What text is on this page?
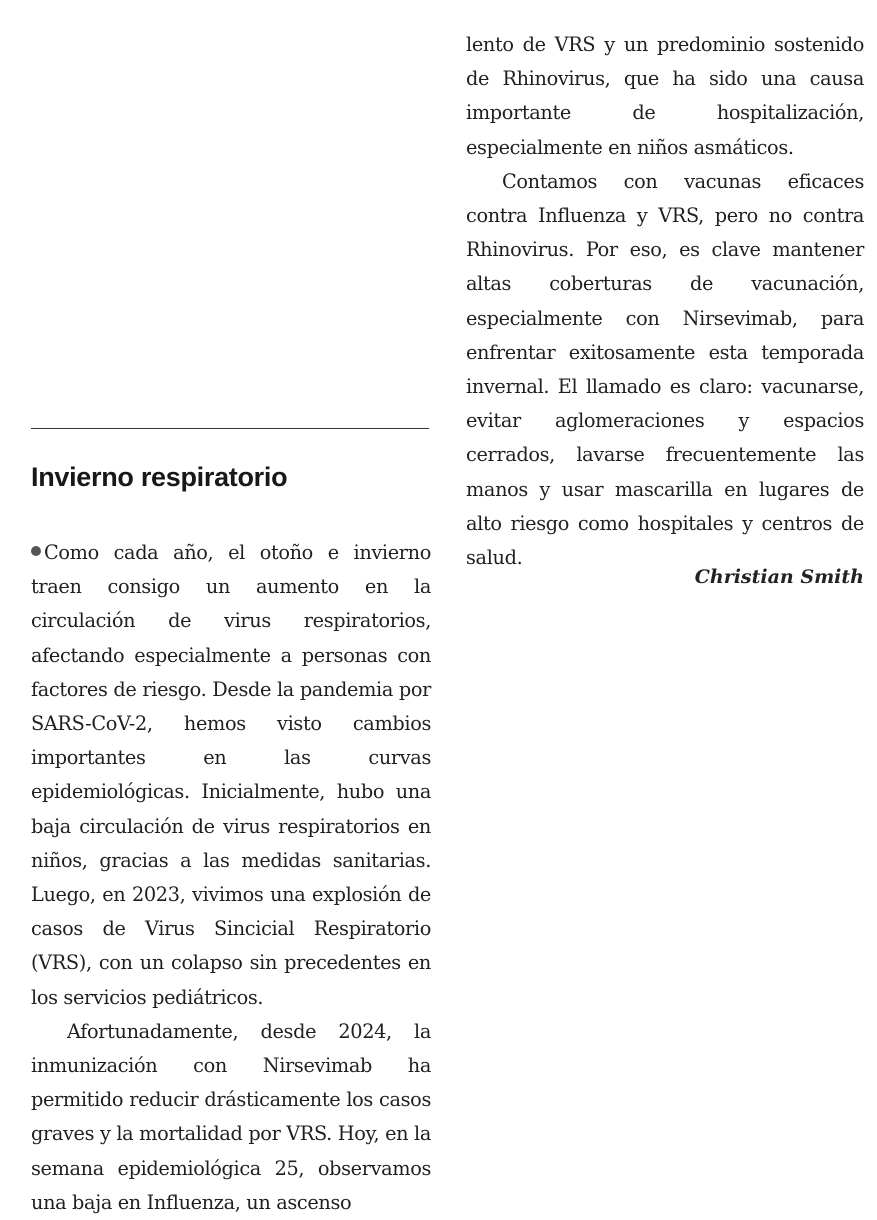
lento de VRS y un predominio sostenido de Rhinovirus, que ha sido una causa importante de hospitalización, especialmente en niños asmáticos.

Contamos con vacunas eficaces contra Influenza y VRS, pero no contra Rhinovirus. Por eso, es clave mantener altas coberturas de vacunación, especialmente con Nirsevimab, para enfrentar exitosamente esta temporada invernal. El llamado es claro: vacunarse, evitar aglomeraciones y espacios cerrados, lavarse frecuentemente las manos y usar mascarilla en lugares de alto riesgo como hospitales y centros de salud.

Christian Smith

Invierno respiratorio

Como cada año, el otoño e invierno traen consigo un aumento en la circulación de virus respiratorios, afectando especialmente a personas con factores de riesgo. Desde la pandemia por SARS-CoV-2, hemos visto cambios importantes en las curvas epidemiológicas. Inicialmente, hubo una baja circulación de virus respiratorios en niños, gracias a las medidas sanitarias. Luego, en 2023, vivimos una explosión de casos de Virus Sincicial Respiratorio (VRS), con un colapso sin precedentes en los servicios pediátricos.

Afortunadamente, desde 2024, la inmunización con Nirsevimab ha permitido reducir drásticamente los casos graves y la mortalidad por VRS. Hoy, en la semana epidemiológica 25, observamos una baja en Influenza, un ascenso
